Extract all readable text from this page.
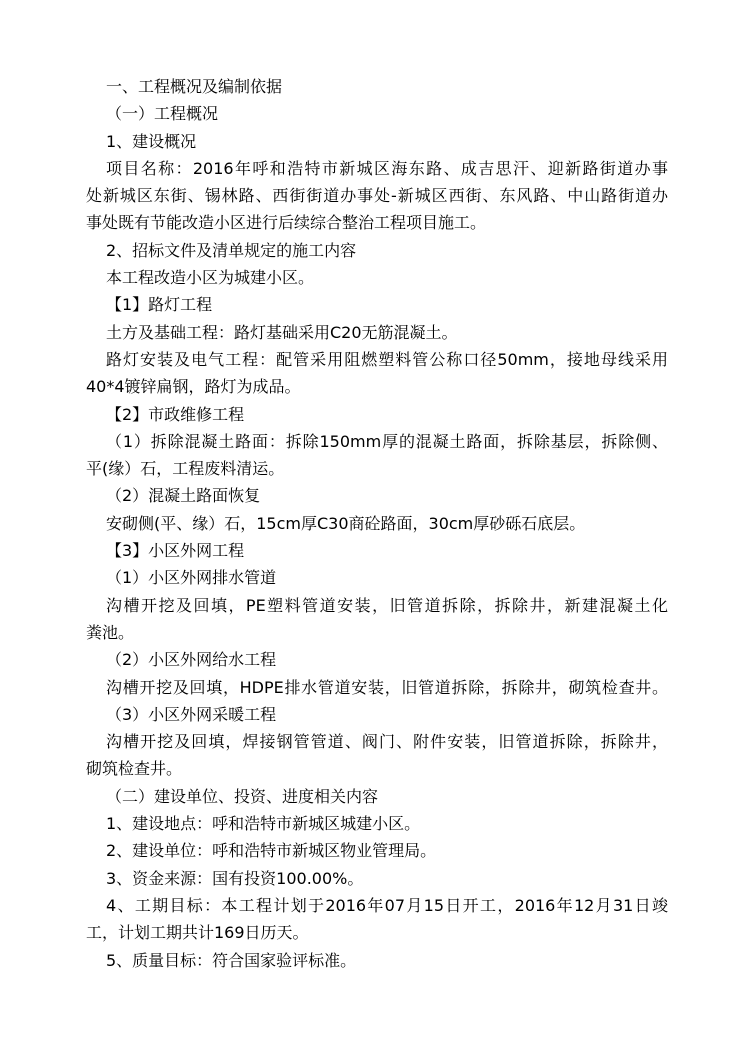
一、工程概况及编制依据
（一）工程概况
1、建设概况
项目名称：2016年呼和浩特市新城区海东路、成吉思汗、迎新路街道办事
处新城区东街、锡林路、西街街道办事处-新城区西街、东风路、中山路街道办
事处既有节能改造小区进行后续综合整治工程项目施工。
2、招标文件及清单规定的施工内容
本工程改造小区为城建小区。
【1】路灯工程
土方及基础工程：路灯基础采用C20无筋混凝土。
路灯安装及电气工程：配管采用阻燃塑料管公称口径50mm，接地母线采用
40*4镀锌扁钢，路灯为成品。
【2】市政维修工程
（1）拆除混凝土路面：拆除150mm厚的混凝土路面，拆除基层，拆除侧、
平(缘）石，工程废料清运。
（2）混凝土路面恢复
安砌侧(平、缘）石，15cm厚C30商砼路面，30cm厚砂砾石底层。
【3】小区外网工程
（1）小区外网排水管道
沟槽开挖及回填，PE塑料管道安装，旧管道拆除，拆除井，新建混凝土化
粪池。
（2）小区外网给水工程
沟槽开挖及回填，HDPE排水管道安装，旧管道拆除，拆除井，砌筑检查井。
（3）小区外网采暖工程
沟槽开挖及回填，焊接钢管管道、阀门、附件安装，旧管道拆除，拆除井，
砌筑检查井。
（二）建设单位、投资、进度相关内容
1、建设地点：呼和浩特市新城区城建小区。
2、建设单位：呼和浩特市新城区物业管理局。
3、资金来源：国有投资100.00%。
4、工期目标：本工程计划于2016年07月15日开工，2016年12月31日竣
工，计划工期共计169日历天。
5、质量目标：符合国家验评标准。
